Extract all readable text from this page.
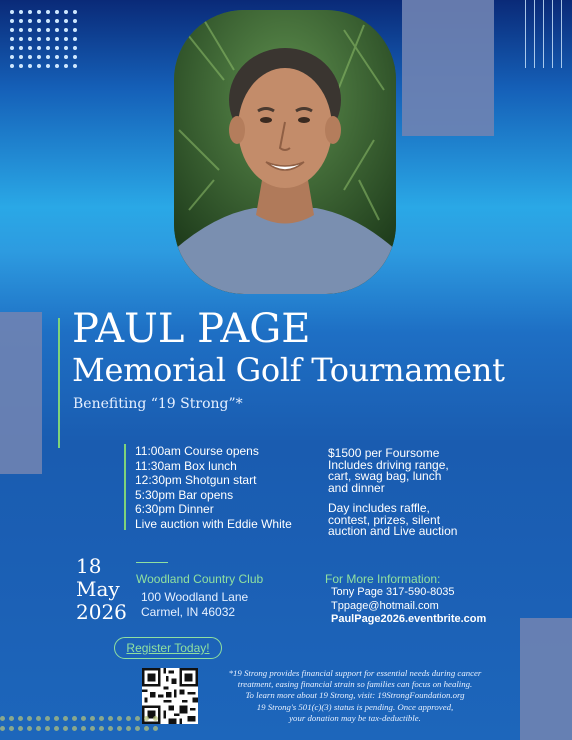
PAUL PAGE
Memorial Golf Tournament
Benefiting “19 Strong”*
11:00am Course opens
11:30am Box lunch
12:30pm Shotgun start
5:30pm Bar opens
6:30pm Dinner
Live auction with Eddie White
$1500 per Foursome
Includes driving range,
cart, swag bag, lunch
and dinner
Day includes raffle,
contest, prizes, silent
auction and Live auction
18
May
2026
Woodland Country Club
100 Woodland Lane
Carmel, IN 46032
For More Information:
Tony Page 317-590-8035
Tppage@hotmail.com
PaulPage2026.eventbrite.com
Register Today!
*19 Strong provides financial support for essential needs during cancer
treatment, easing financial strain so families can focus on healing.
To learn more about 19 Strong, visit: 19StrongFoundation.org
19 Strong's 501(c)(3) status is pending. Once approved,
your donation may be tax-deductible.
